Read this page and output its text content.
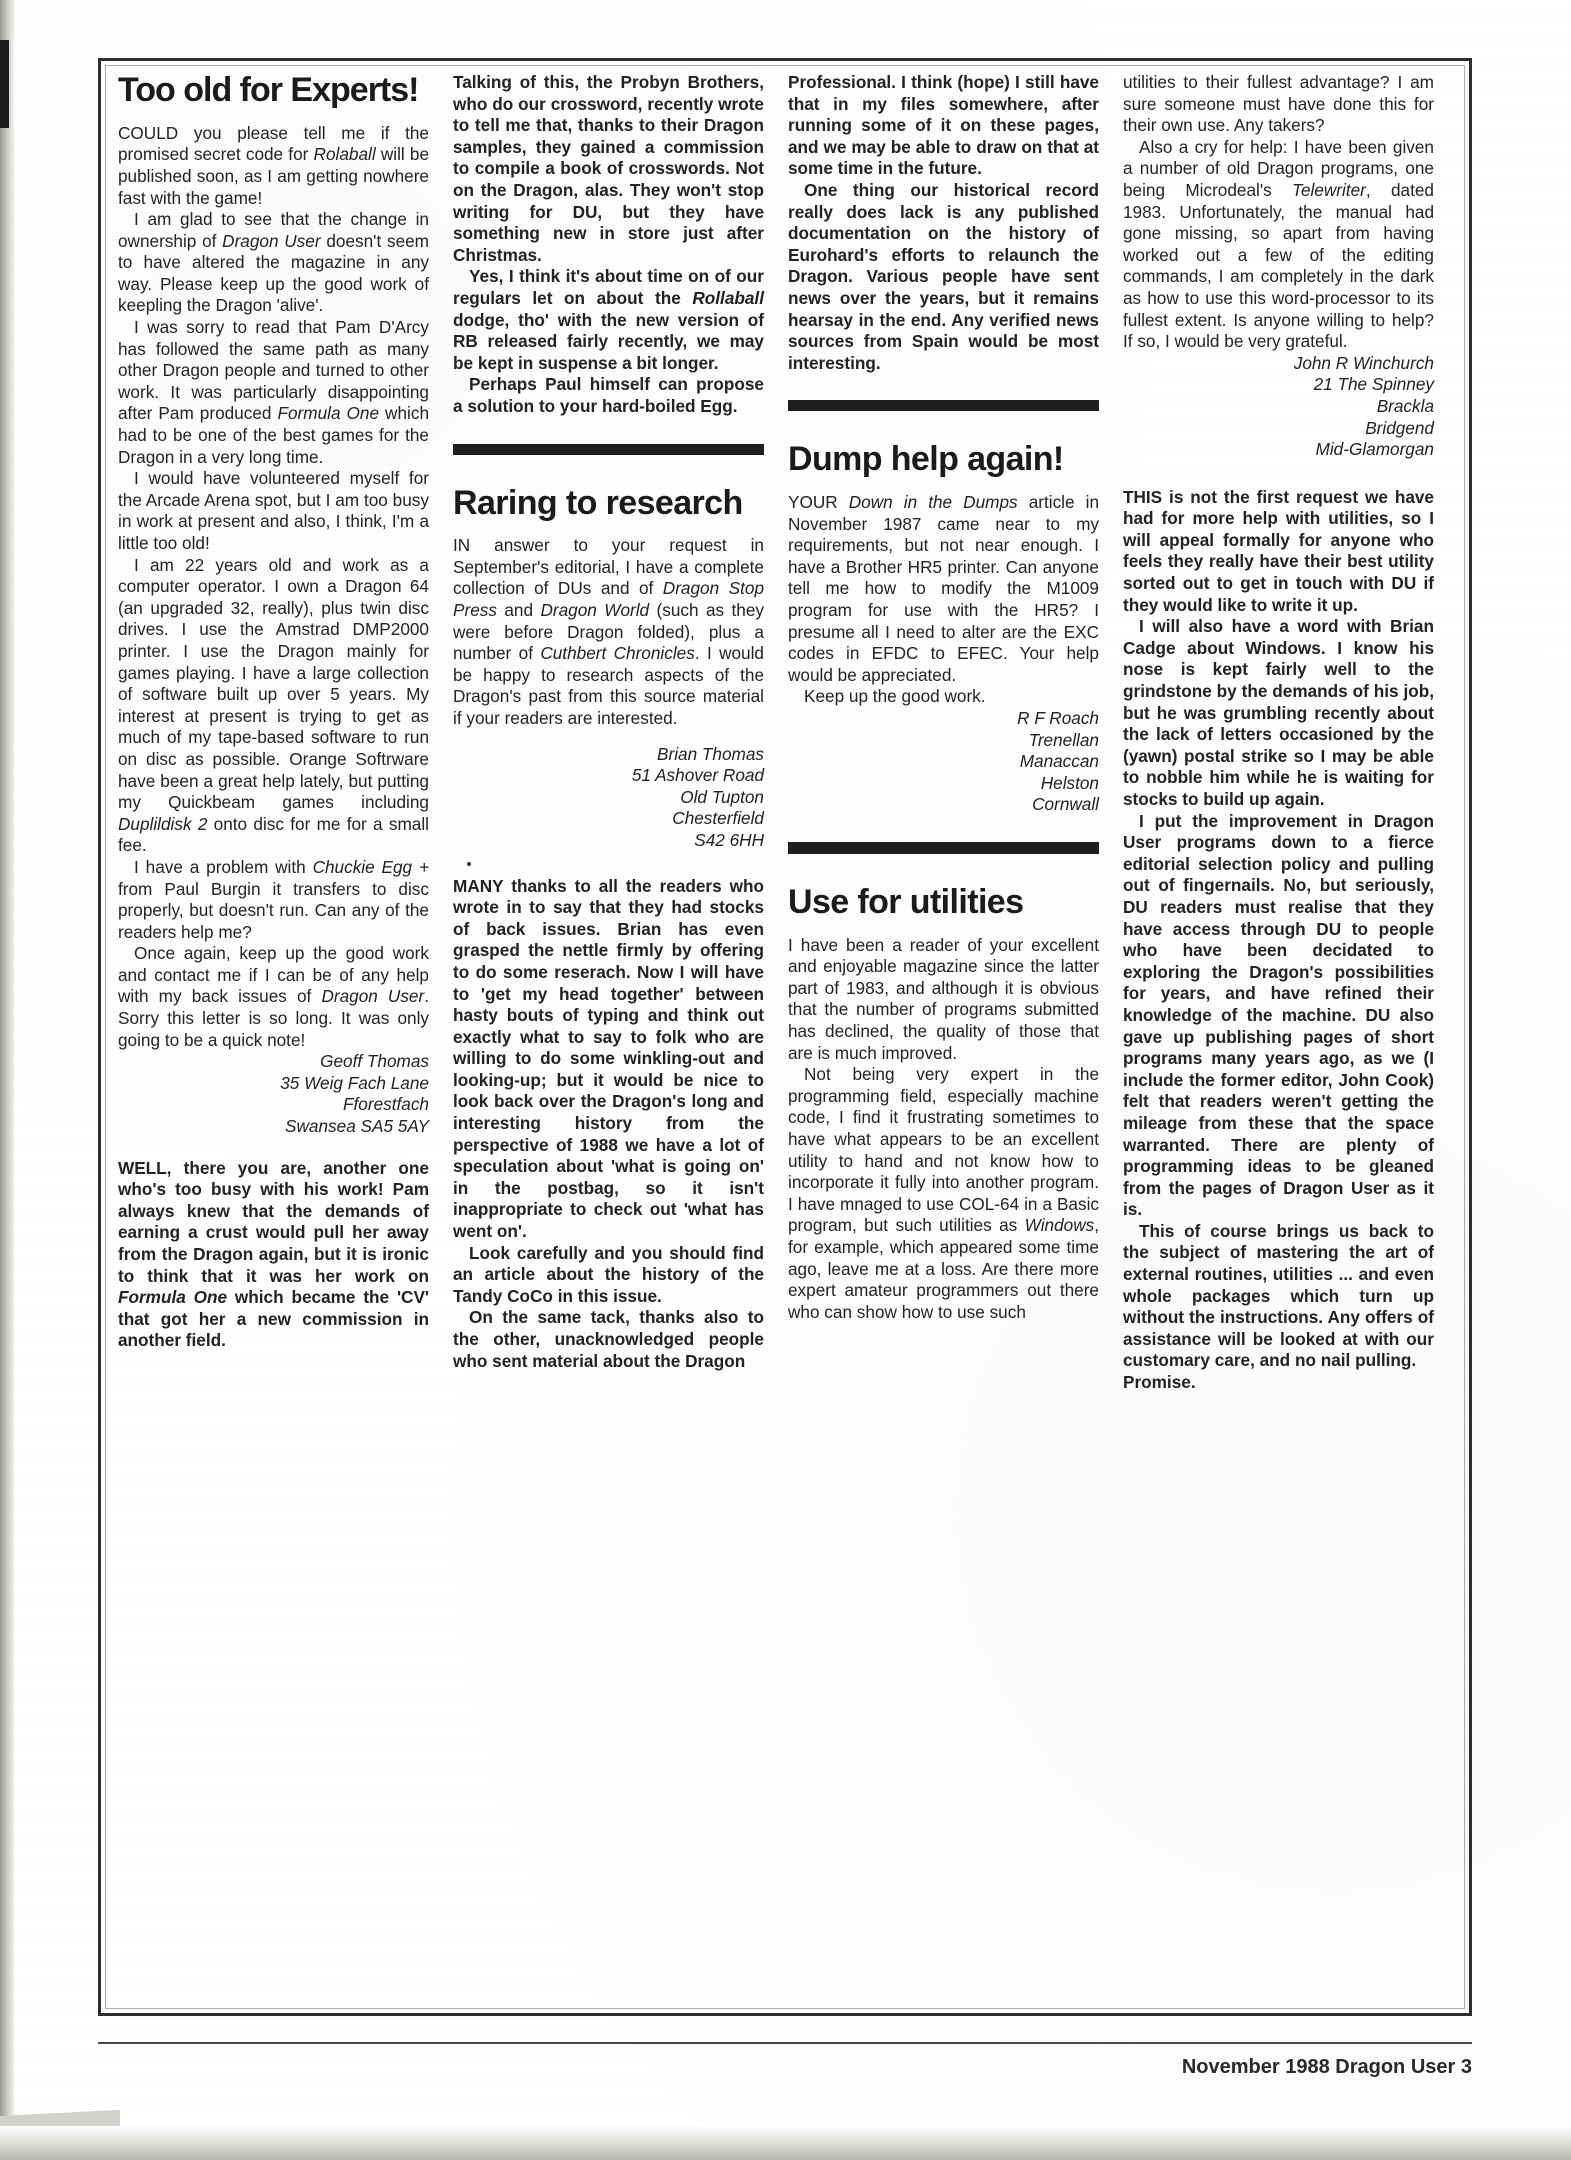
Too old for Experts!

COULD you please tell me if the promised secret code for Rolaball will be published soon, as I am getting nowhere fast with the game!

I am glad to see that the change in ownership of Dragon User doesn't seem to have altered the magazine in any way. Please keep up the good work of keepling the Dragon 'alive'.

I was sorry to read that Pam D'Arcy has followed the same path as many other Dragon people and turned to other work. It was particularly disappointing after Pam produced Formula One which had to be one of the best games for the Dragon in a very long time.

I would have volunteered myself for the Arcade Arena spot, but I am too busy in work at present and also, I think, I'm a little too old!

I am 22 years old and work as a computer operator. I own a Dragon 64 (an upgraded 32, really), plus twin disc drives. I use the Amstrad DMP2000 printer. I use the Dragon mainly for games playing. I have a large collection of software built up over 5 years. My interest at present is trying to get as much of my tape-based software to run on disc as possible. Orange Softrware have been a great help lately, but putting my Quickbeam games including Duplildisk 2 onto disc for me for a small fee.

I have a problem with Chuckie Egg + from Paul Burgin it transfers to disc properly, but doesn't run. Can any of the readers help me?

Once again, keep up the good work and contact me if I can be of any help with my back issues of Dragon User. Sorry this letter is so long. It was only going to be a quick note!

Geoff Thomas

35 Weig Fach Lane

Fforestfach

Swansea SA5 5AY

WELL, there you are, another one who's too busy with his work! Pam always knew that the demands of earning a crust would pull her away from the Dragon again, but it is ironic to think that it was her work on Formula One which became the 'CV' that got her a new commission in another field.

Talking of this, the Probyn Brothers, who do our crossword, recently wrote to tell me that, thanks to their Dragon samples, they gained a commission to compile a book of crosswords. Not on the Dragon, alas. They won't stop writing for DU, but they have something new in store just after Christmas.

Yes, I think it's about time on of our regulars let on about the Rollaball dodge, tho' with the new version of RB released fairly recently, we may be kept in suspense a bit longer.

Perhaps Paul himself can propose a solution to your hard-boiled Egg.

Raring to research

IN answer to your request in September's editorial, I have a complete collection of DUs and of Dragon Stop Press and Dragon World (such as they were before Dragon folded), plus a number of Cuthbert Chronicles. I would be happy to research aspects of the Dragon's past from this source material if your readers are interested.

Brian Thomas

51 Ashover Road

Old Tupton

Chesterfield

S42 6HH

MANY thanks to all the readers who wrote in to say that they had stocks of back issues. Brian has even grasped the nettle firmly by offering to do some reserach. Now I will have to 'get my head together' between hasty bouts of typing and think out exactly what to say to folk who are willing to do some winkling-out and looking-up; but it would be nice to look back over the Dragon's long and interesting history from the perspective of 1988 we have a lot of speculation about 'what is going on' in the postbag, so it isn't inappropriate to check out 'what has went on'.

Look carefully and you should find an article about the history of the Tandy CoCo in this issue.

On the same tack, thanks also to the other, unacknowledged people who sent material about the Dragon

Professional. I think (hope) I still have that in my files somewhere, after running some of it on these pages, and we may be able to draw on that at some time in the future.

One thing our historical record really does lack is any published documentation on the history of Eurohard's efforts to relaunch the Dragon. Various people have sent news over the years, but it remains hearsay in the end. Any verified news sources from Spain would be most interesting.

Dump help again!

YOUR Down in the Dumps article in November 1987 came near to my requirements, but not near enough. I have a Brother HR5 printer. Can anyone tell me how to modify the M1009 program for use with the HR5? I presume all I need to alter are the EXC codes in EFDC to EFEC. Your help would be appreciated.

Keep up the good work.

R F Roach

Trenellan

Manaccan

Helston

Cornwall

Use for utilities

I have been a reader of your excellent and enjoyable magazine since the latter part of 1983, and although it is obvious that the number of programs submitted has declined, the quality of those that are is much improved.

Not being very expert in the programming field, especially machine code, I find it frustrating sometimes to have what appears to be an excellent utility to hand and not know how to incorporate it fully into another program. I have mnaged to use COL-64 in a Basic program, but such utilities as Windows, for example, which appeared some time ago, leave me at a loss. Are there more expert amateur programmers out there who can show how to use such

utilities to their fullest advantage? I am sure someone must have done this for their own use. Any takers?

Also a cry for help: I have been given a number of old Dragon programs, one being Microdeal's Telewriter, dated 1983. Unfortunately, the manual had gone missing, so apart from having worked out a few of the editing commands, I am completely in the dark as how to use this word-processor to its fullest extent. Is anyone willing to help? If so, I would be very grateful.

John R Winchurch

21 The Spinney

Brackla

Bridgend

Mid-Glamorgan

THIS is not the first request we have had for more help with utilities, so I will appeal formally for anyone who feels they really have their best utility sorted out to get in touch with DU if they would like to write it up.

I will also have a word with Brian Cadge about Windows. I know his nose is kept fairly well to the grindstone by the demands of his job, but he was grumbling recently about the lack of letters occasioned by the (yawn) postal strike so I may be able to nobble him while he is waiting for stocks to build up again.

I put the improvement in Dragon User programs down to a fierce editorial selection policy and pulling out of fingernails. No, but seriously, DU readers must realise that they have access through DU to people who have been decidated to exploring the Dragon's possibilities for years, and have refined their knowledge of the machine. DU also gave up publishing pages of short programs many years ago, as we (I include the former editor, John Cook) felt that readers weren't getting the mileage from these that the space warranted. There are plenty of programming ideas to be gleaned from the pages of Dragon User as it is.

This of course brings us back to the subject of mastering the art of external routines, utilities ... and even whole packages which turn up without the instructions. Any offers of assistance will be looked at with our customary care, and no nail pulling.

Promise.

November 1988 Dragon User 3
